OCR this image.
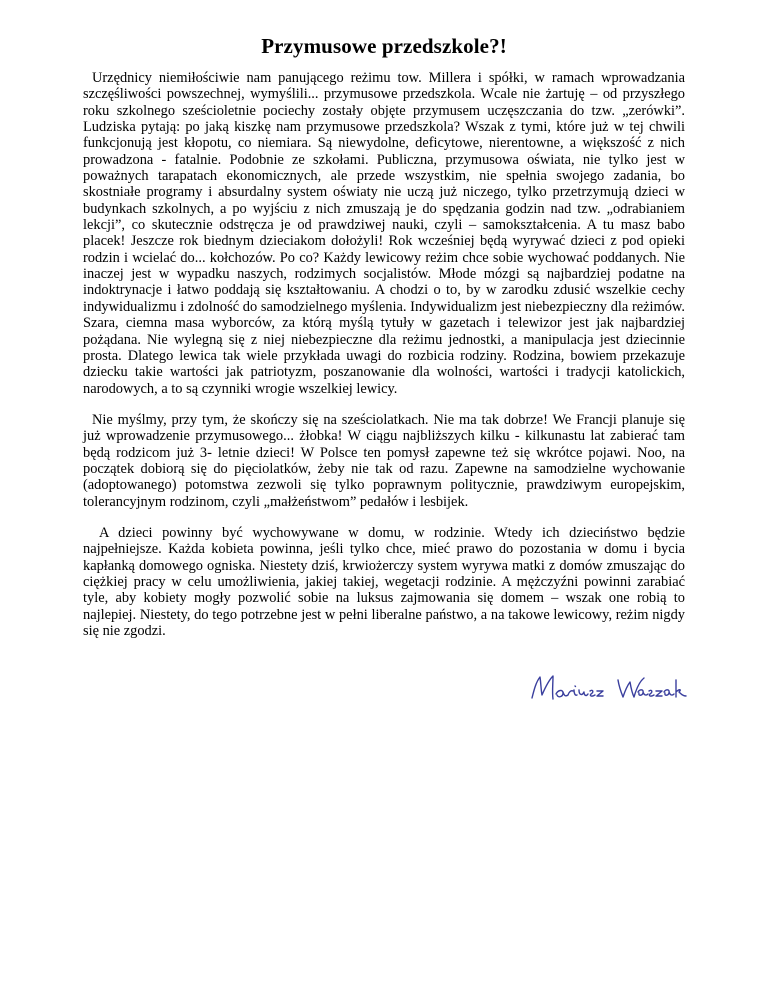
Przymusowe przedszkole?!

Urzędnicy niemiłościwie nam panującego reżimu tow. Millera i spółki, w ramach wprowadzania szczęśliwości powszechnej, wymyślili... przymusowe przedszkola. Wcale nie żartuję – od przyszłego roku szkolnego sześcioletnie pociechy zostały objęte przymusem uczęszczania do tzw. „zerówki”. Ludziska pytają: po jaką kiszkę nam przymusowe przedszkola? Wszak z tymi, które już w tej chwili funkcjonują jest kłopotu, co niemiara. Są niewydolne, deficytowe, nierentowne, a większość z nich prowadzona - fatalnie. Podobnie ze szkołami. Publiczna, przymusowa oświata, nie tylko jest w poważnych tarapatach ekonomicznych, ale przede wszystkim, nie spełnia swojego zadania, bo skostniałe programy i absurdalny system oświaty nie uczą już niczego, tylko przetrzymują dzieci w budynkach szkolnych, a po wyjściu z nich zmuszają je do spędzania godzin nad tzw. „odrabianiem lekcji”, co skutecznie odstręcza je od prawdziwej nauki, czyli – samokształcenia. A tu masz babo placek! Jeszcze rok biednym dzieciakom dołożyli! Rok wcześniej będą wyrywać dzieci z pod opieki rodzin i wcielać do... kołchozów. Po co? Każdy lewicowy reżim chce sobie wychować poddanych. Nie inaczej jest w wypadku naszych, rodzimych socjalistów. Młode mózgi są najbardziej podatne na indoktrynacje i łatwo poddają się kształtowaniu. A chodzi o to, by w zarodku zdusić wszelkie cechy indywidualizmu i zdolność do samodzielnego myślenia. Indywidualizm jest niebezpieczny dla reżimów. Szara, ciemna masa wyborców, za którą myślą tytuły w gazetach i telewizor jest jak najbardziej pożądana. Nie wylegną się z niej niebezpieczne dla reżimu jednostki, a manipulacja jest dziecinnie prosta. Dlatego lewica tak wiele przykłada uwagi do rozbicia rodziny. Rodzina, bowiem przekazuje dziecku takie wartości jak patriotyzm, poszanowanie dla wolności, wartości i tradycji katolickich, narodowych, a to są czynniki wrogie wszelkiej lewicy.

Nie myślmy, przy tym, że skończy się na sześciolatkach. Nie ma tak dobrze! We Francji planuje się już wprowadzenie przymusowego... żłobka! W ciągu najbliższych kilku - kilkunastu lat zabierać tam będą rodzicom już 3- letnie dzieci! W Polsce ten pomysł zapewne też się wkrótce pojawi. Noo, na początek dobiorą się do pięciolatków, żeby nie tak od razu. Zapewne na samodzielne wychowanie (adoptowanego) potomstwa zezwoli się tylko poprawnym politycznie, prawdziwym europejskim, tolerancyjnym rodzinom, czyli „małżeństwom” pedałów i lesbijek.

A dzieci powinny być wychowywane w domu, w rodzinie. Wtedy ich dzieciństwo będzie najpełniejsze. Każda kobieta powinna, jeśli tylko chce, mieć prawo do pozostania w domu i bycia kapłanką domowego ogniska. Niestety dziś, krwiożerczy system wyrywa matki z domów zmuszając do ciężkiej pracy w celu umożliwienia, jakiej takiej, wegetacji rodzinie. A mężczyźni powinni zarabiać tyle, aby kobiety mogły pozwolić sobie na luksus zajmowania się domem – wszak one robią to najlepiej. Niestety, do tego potrzebne jest w pełni liberalne państwo, a na takowe lewicowy, reżim nigdy się nie zgodzi.
